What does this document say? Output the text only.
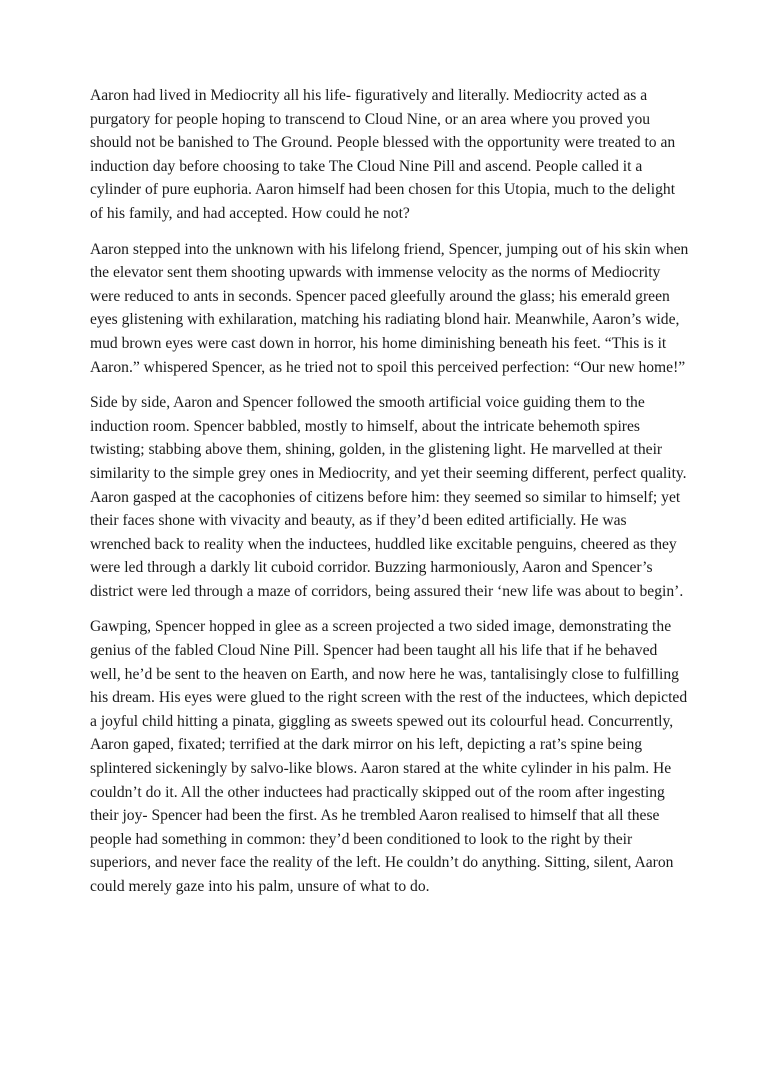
Aaron had lived in Mediocrity all his life- figuratively and literally. Mediocrity acted as a purgatory for people hoping to transcend to Cloud Nine, or an area where you proved you should not be banished to The Ground. People blessed with the opportunity were treated to an induction day before choosing to take The Cloud Nine Pill and ascend. People called it a cylinder of pure euphoria. Aaron himself had been chosen for this Utopia, much to the delight of his family, and had accepted. How could he not?

Aaron stepped into the unknown with his lifelong friend, Spencer, jumping out of his skin when the elevator sent them shooting upwards with immense velocity as the norms of Mediocrity were reduced to ants in seconds. Spencer paced gleefully around the glass; his emerald green eyes glistening with exhilaration, matching his radiating blond hair. Meanwhile, Aaron’s wide, mud brown eyes were cast down in horror, his home diminishing beneath his feet. “This is it Aaron.” whispered Spencer, as he tried not to spoil this perceived perfection: “Our new home!”

Side by side, Aaron and Spencer followed the smooth artificial voice guiding them to the induction room. Spencer babbled, mostly to himself, about the intricate behemoth spires twisting; stabbing above them, shining, golden, in the glistening light. He marvelled at their similarity to the simple grey ones in Mediocrity, and yet their seeming different, perfect quality. Aaron gasped at the cacophonies of citizens before him: they seemed so similar to himself; yet their faces shone with vivacity and beauty, as if they’d been edited artificially. He was wrenched back to reality when the inductees, huddled like excitable penguins, cheered as they were led through a darkly lit cuboid corridor. Buzzing harmoniously, Aaron and Spencer’s district were led through a maze of corridors, being assured their ‘new life was about to begin’.

Gawping, Spencer hopped in glee as a screen projected a two sided image, demonstrating the genius of the fabled Cloud Nine Pill. Spencer had been taught all his life that if he behaved well, he’d be sent to the heaven on Earth, and now here he was, tantalisingly close to fulfilling his dream. His eyes were glued to the right screen with the rest of the inductees, which depicted a joyful child hitting a pinata, giggling as sweets spewed out its colourful head. Concurrently, Aaron gaped, fixated; terrified at the dark mirror on his left, depicting a rat’s spine being splintered sickeningly by salvo-like blows. Aaron stared at the white cylinder in his palm. He couldn’t do it. All the other inductees had practically skipped out of the room after ingesting their joy- Spencer had been the first. As he trembled Aaron realised to himself that all these people had something in common: they’d been conditioned to look to the right by their superiors, and never face the reality of the left. He couldn’t do anything. Sitting, silent, Aaron could merely gaze into his palm, unsure of what to do.
